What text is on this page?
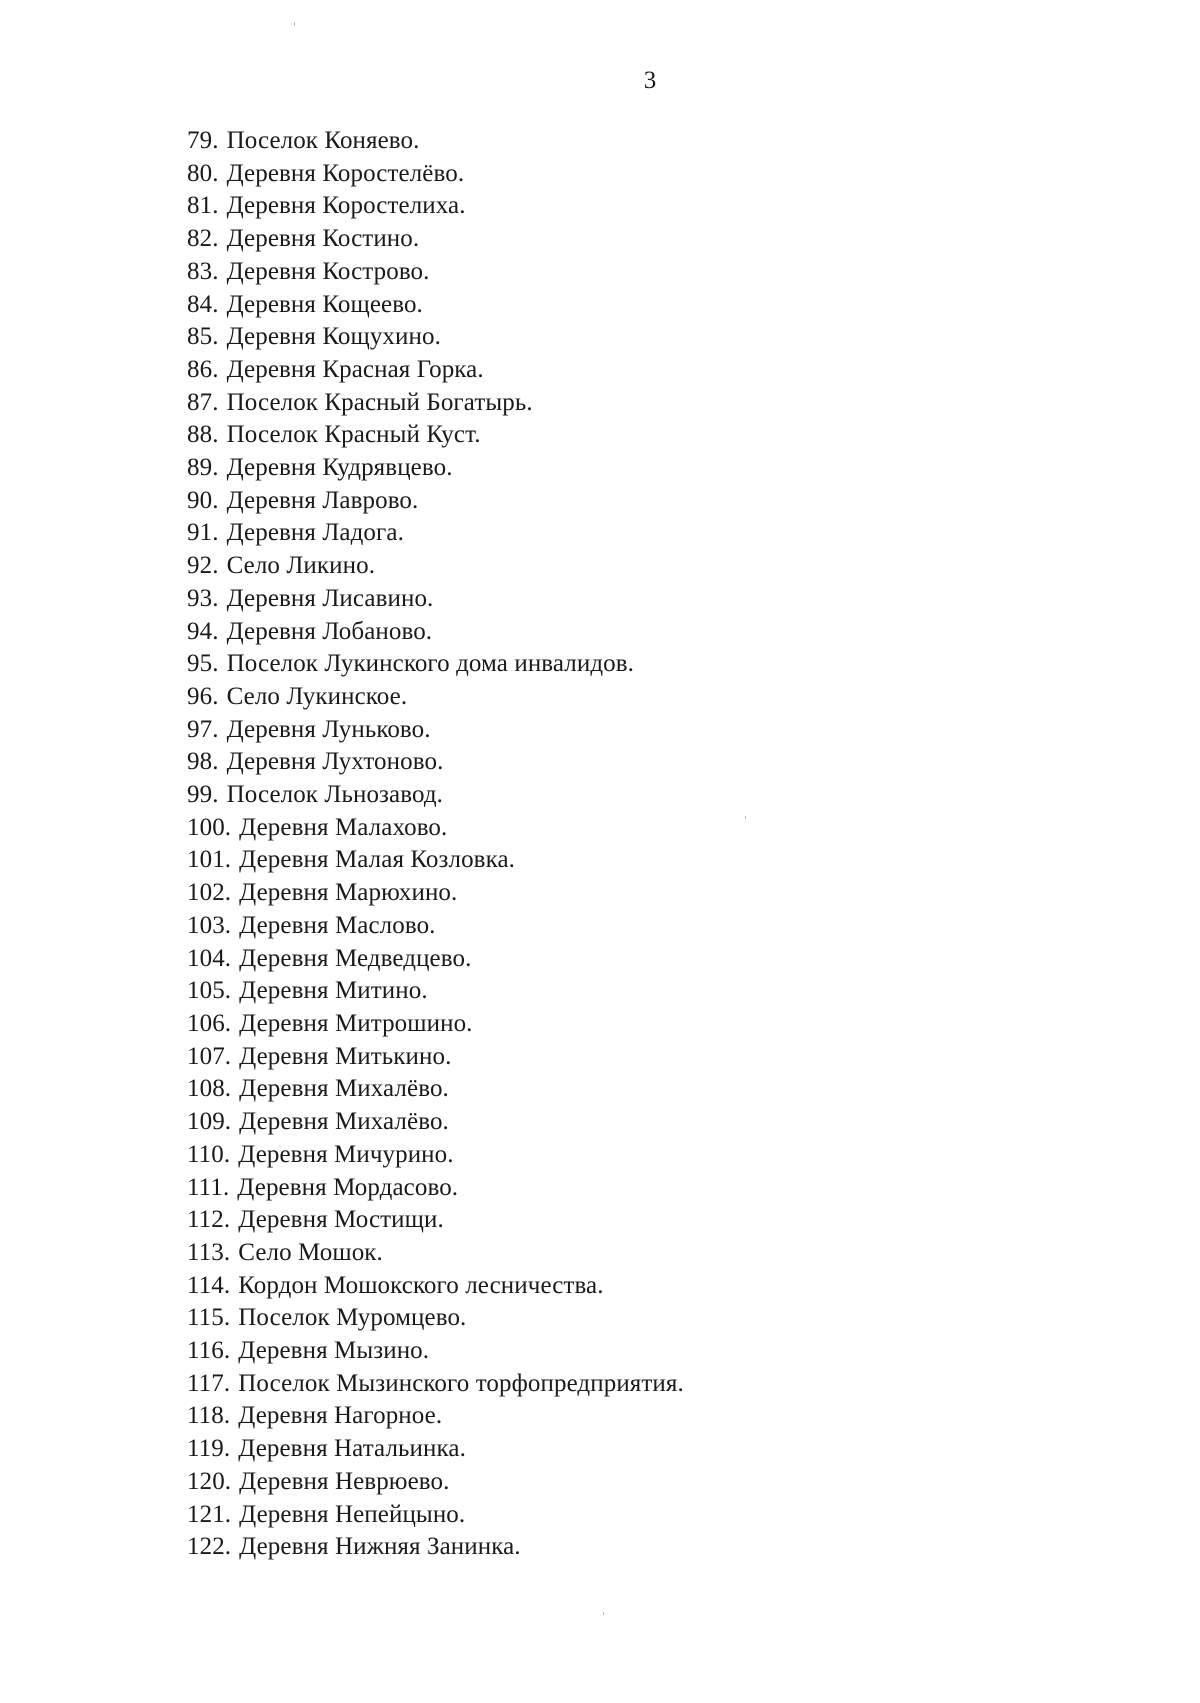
3
79. Поселок Коняево.
80. Деревня Коростелёво.
81. Деревня Коростелиха.
82. Деревня Костино.
83. Деревня Кострово.
84. Деревня Кощеево.
85. Деревня Кощухино.
86. Деревня Красная Горка.
87. Поселок Красный Богатырь.
88. Поселок Красный Куст.
89. Деревня Кудрявцево.
90. Деревня Лаврово.
91. Деревня Ладога.
92. Село Ликино.
93. Деревня Лисавино.
94. Деревня Лобаново.
95. Поселок Лукинского дома инвалидов.
96. Село Лукинское.
97. Деревня Луньково.
98. Деревня Лухтоново.
99. Поселок Льнозавод.
100. Деревня Малахово.
101. Деревня Малая Козловка.
102. Деревня Марюхино.
103. Деревня Маслово.
104. Деревня Медведцево.
105. Деревня Митино.
106. Деревня Митрошино.
107. Деревня Митькино.
108. Деревня Михалёво.
109. Деревня Михалёво.
110. Деревня Мичурино.
111. Деревня Мордасово.
112. Деревня Мостищи.
113. Село Мошок.
114. Кордон Мошокского лесничества.
115. Поселок Муромцево.
116. Деревня Мызино.
117. Поселок Мызинского торфопредприятия.
118. Деревня Нагорное.
119. Деревня Натальинка.
120. Деревня Неврюево.
121. Деревня Непейцыно.
122. Деревня Нижняя Занинка.
